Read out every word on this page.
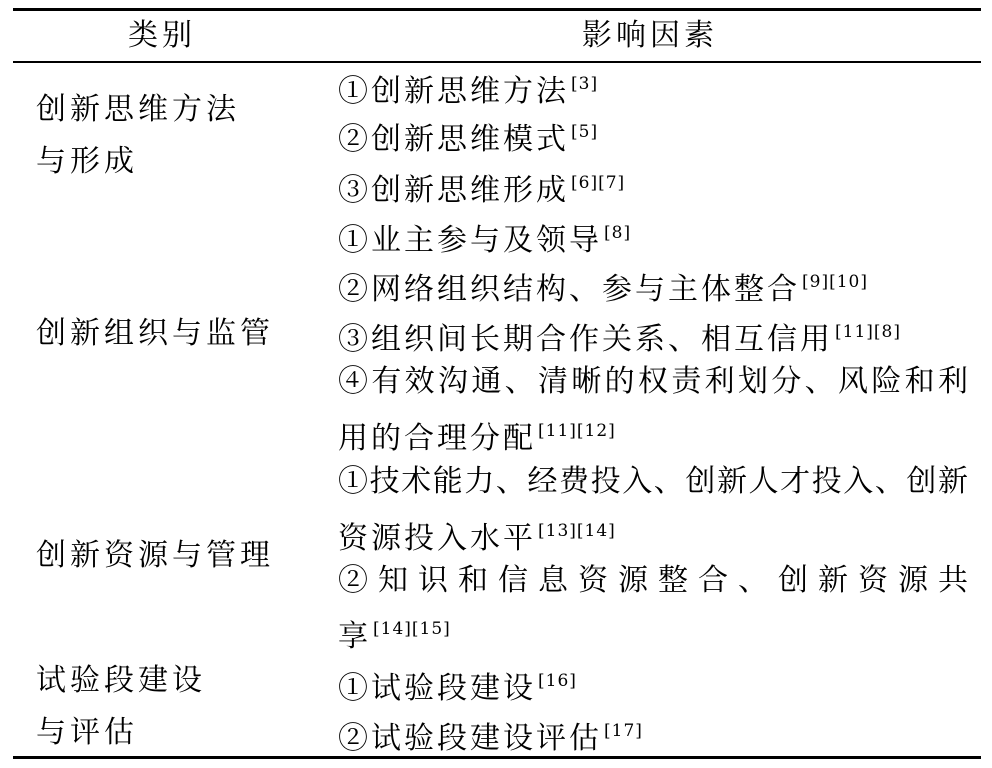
类别	影响因素
创新思维方法
与形成
①创新思维方法 [3]
②创新思维模式 [5]
③创新思维形成 [6][7]
创新组织与监管
①业主参与及领导 [8]
②网络组织结构、参与主体整合 [9][10]
③组织间长期合作关系、相互信用 [11][8]
④有效沟通、清晰的权责利划分、风险和利
用的合理分配 [11][12]
创新资源与管理
①技术能力、经费投入、创新人才投入、创新
资源投入水平 [13][14]
②知识和信息资源整合、创新资源共
享 [14][15]
试验段建设
与评估
①试验段建设 [16]
②试验段建设评估 [17]
